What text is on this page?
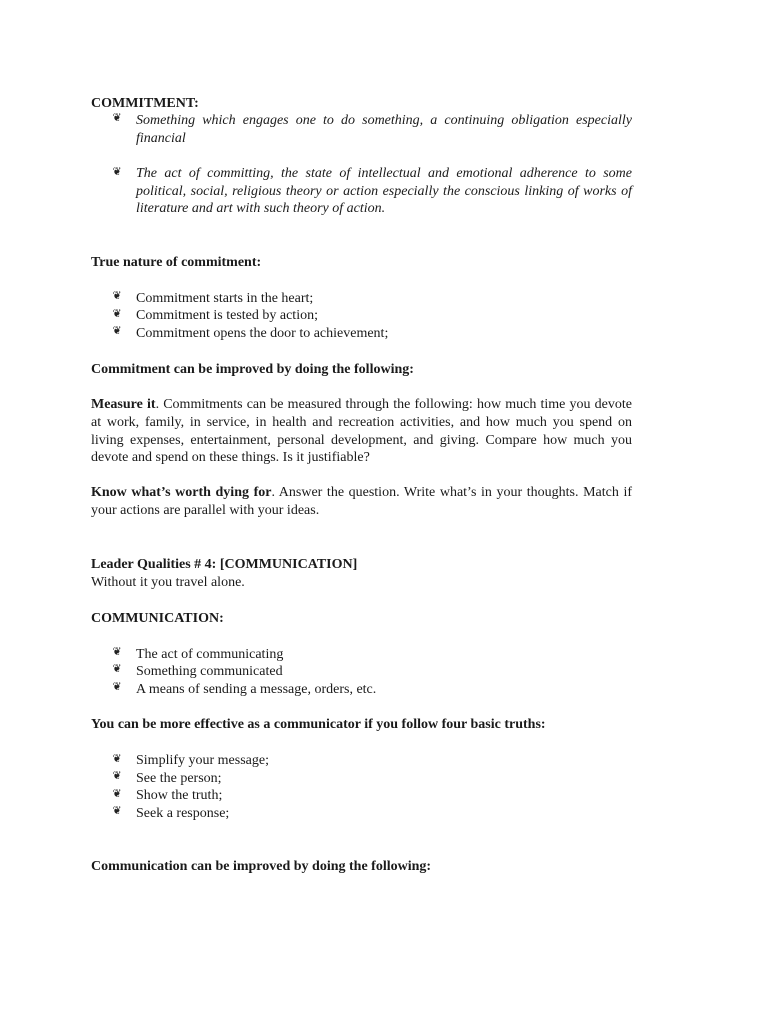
COMMITMENT:
❦ Something which engages one to do something, a continuing obligation especially financial
❦ The act of committing, the state of intellectual and emotional adherence to some political, social, religious theory or action especially the conscious linking of works of literature and art with such theory of action.
True nature of commitment:
❦ Commitment starts in the heart;
❦ Commitment is tested by action;
❦ Commitment opens the door to achievement;
Commitment can be improved by doing the following:
Measure it. Commitments can be measured through the following: how much time you devote at work, family, in service, in health and recreation activities, and how much you spend on living expenses, entertainment, personal development, and giving. Compare how much you devote and spend on these things. Is it justifiable?
Know what’s worth dying for. Answer the question. Write what’s in your thoughts. Match if your actions are parallel with your ideas.
Leader Qualities # 4: [COMMUNICATION]
Without it you travel alone.
COMMUNICATION:
❦ The act of communicating
❦ Something communicated
❦ A means of sending a message, orders, etc.
You can be more effective as a communicator if you follow four basic truths:
❦ Simplify your message;
❦ See the person;
❦ Show the truth;
❦ Seek a response;
Communication can be improved by doing the following:
